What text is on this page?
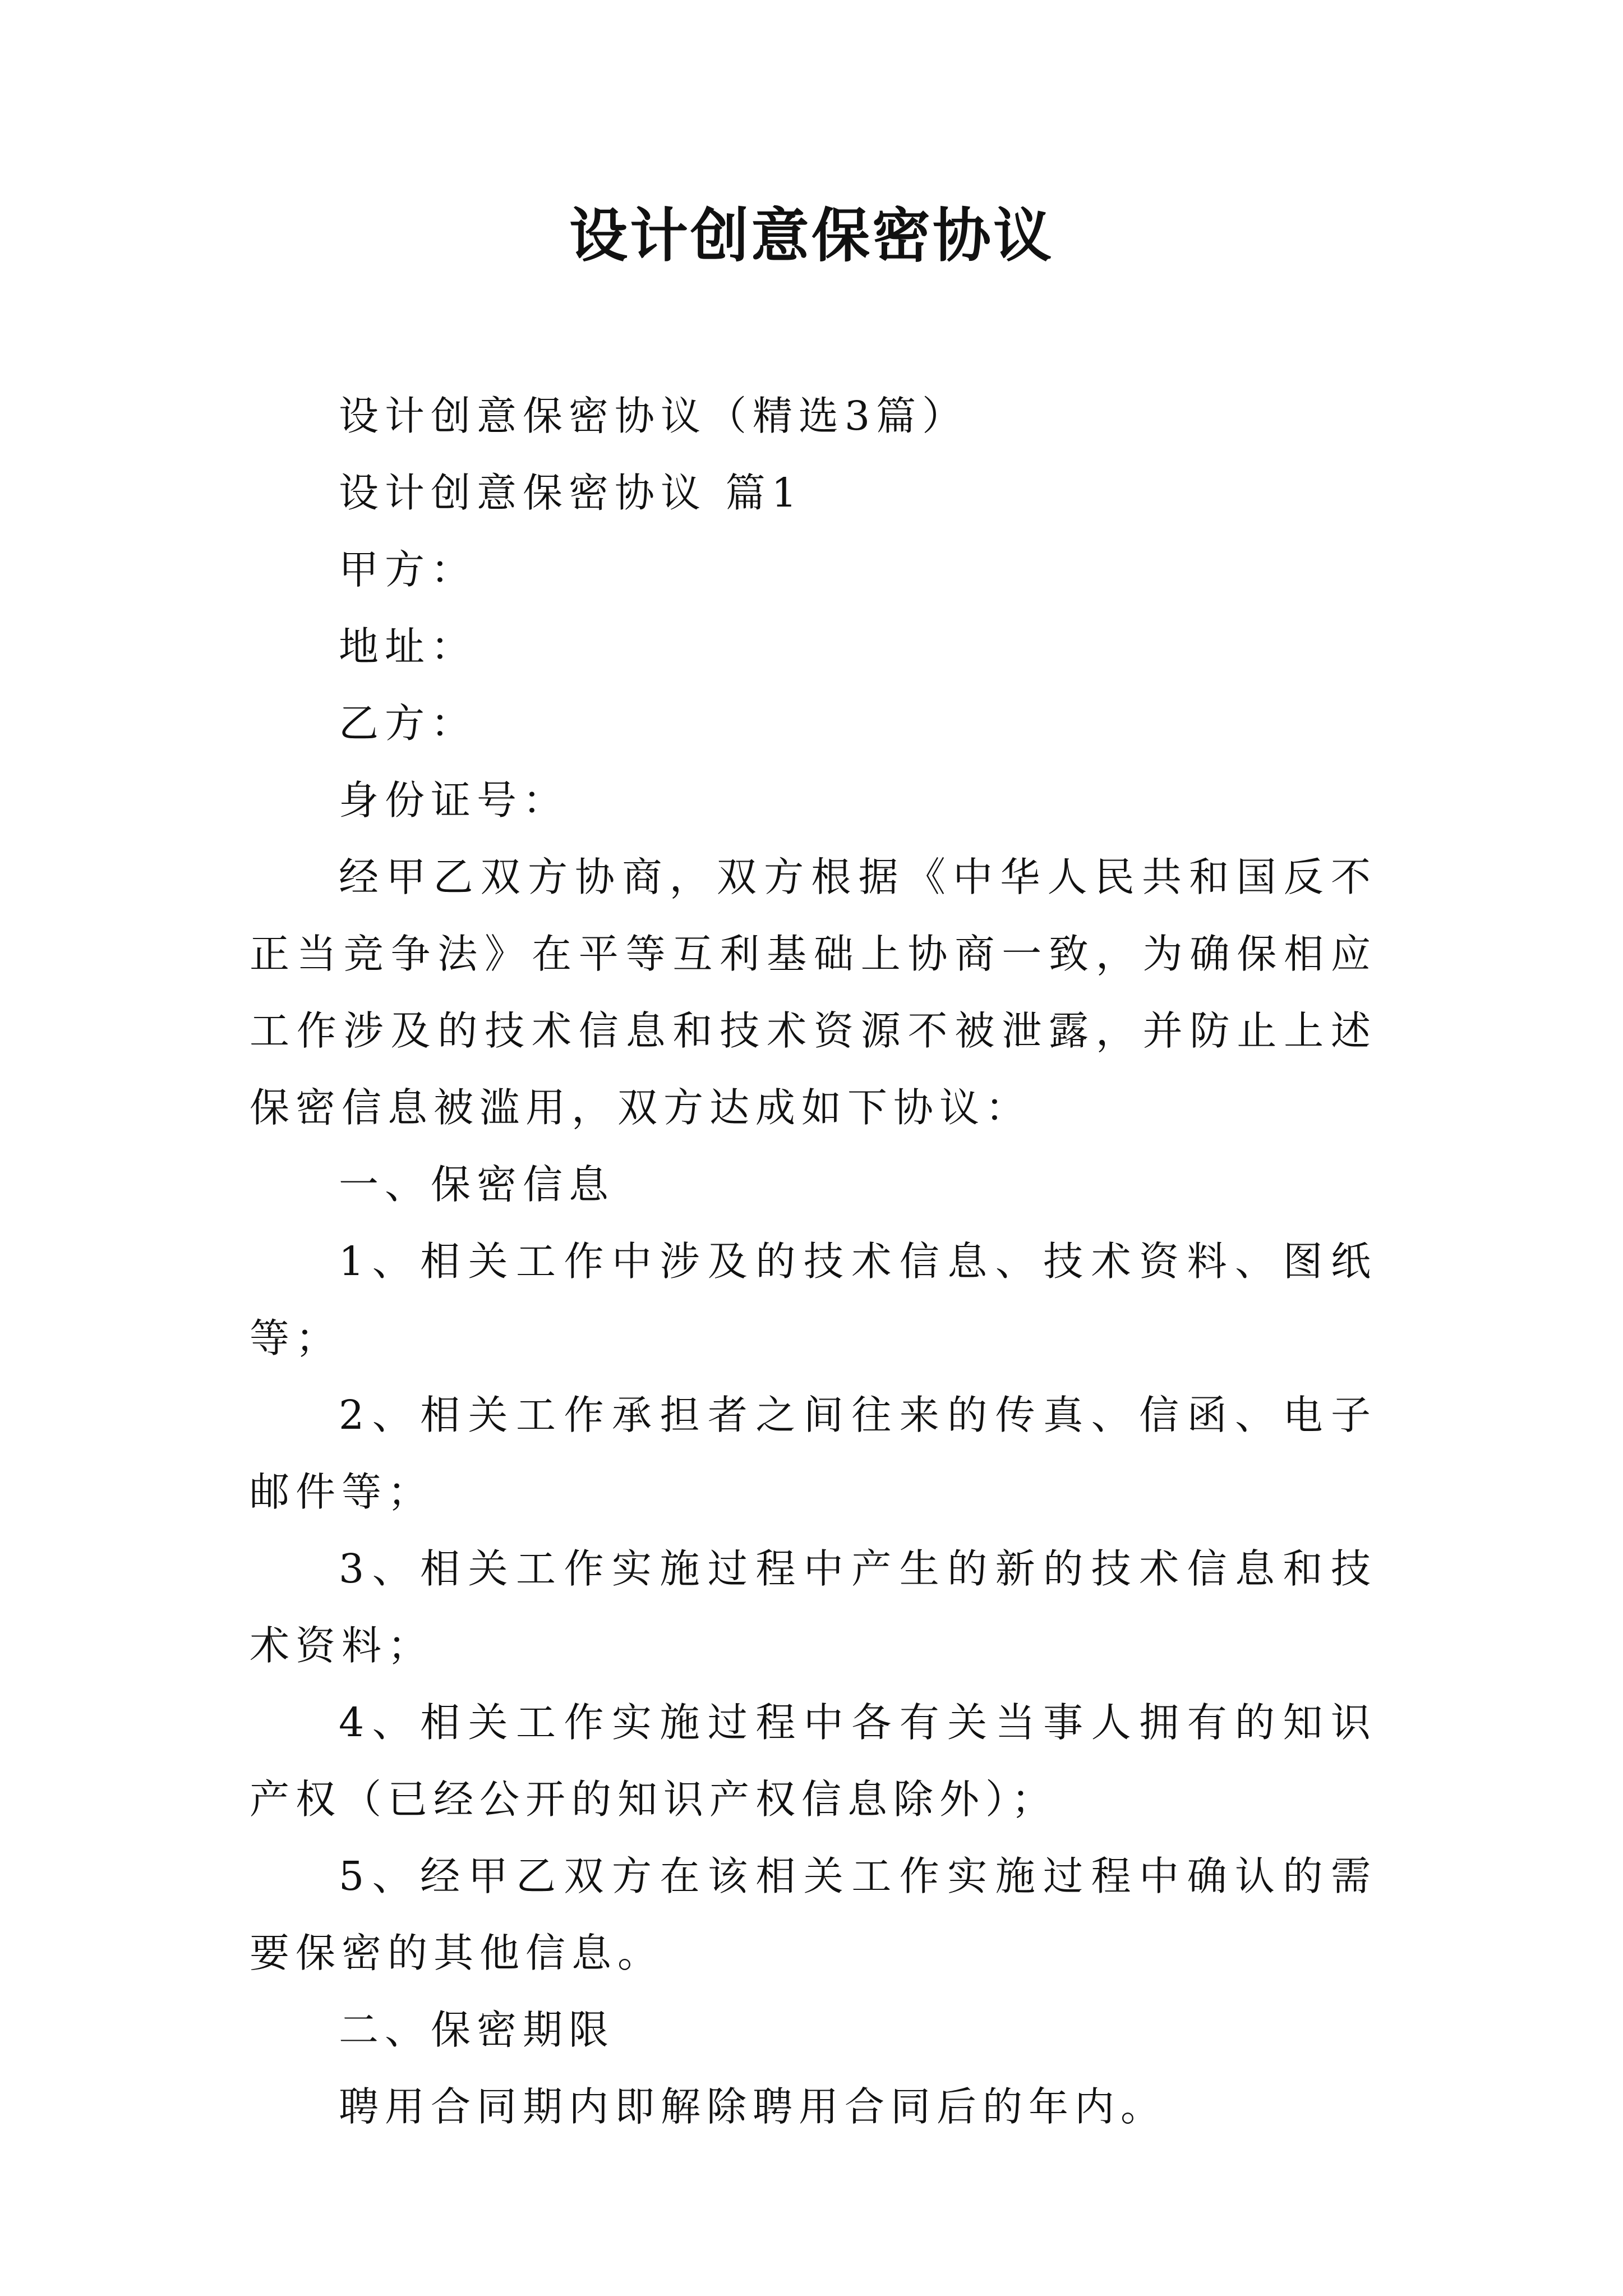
设计创意保密协议

设计创意保密协议（精选3篇）

设计创意保密协议 篇1

甲方：

地址：

乙方：

身份证号：

经甲乙双方协商，双方根据《中华人民共和国反不正当竞争法》在平等互利基础上协商一致，为确保相应工作涉及的技术信息和技术资源不被泄露，并防止上述保密信息被滥用，双方达成如下协议：

一、保密信息

1、相关工作中涉及的技术信息、技术资料、图纸等；

2、相关工作承担者之间往来的传真、信函、电子邮件等；

3、相关工作实施过程中产生的新的技术信息和技术资料；

4、相关工作实施过程中各有关当事人拥有的知识产权（已经公开的知识产权信息除外）；

5、经甲乙双方在该相关工作实施过程中确认的需要保密的其他信息。

二、保密期限

聘用合同期内即解除聘用合同后的年内。
